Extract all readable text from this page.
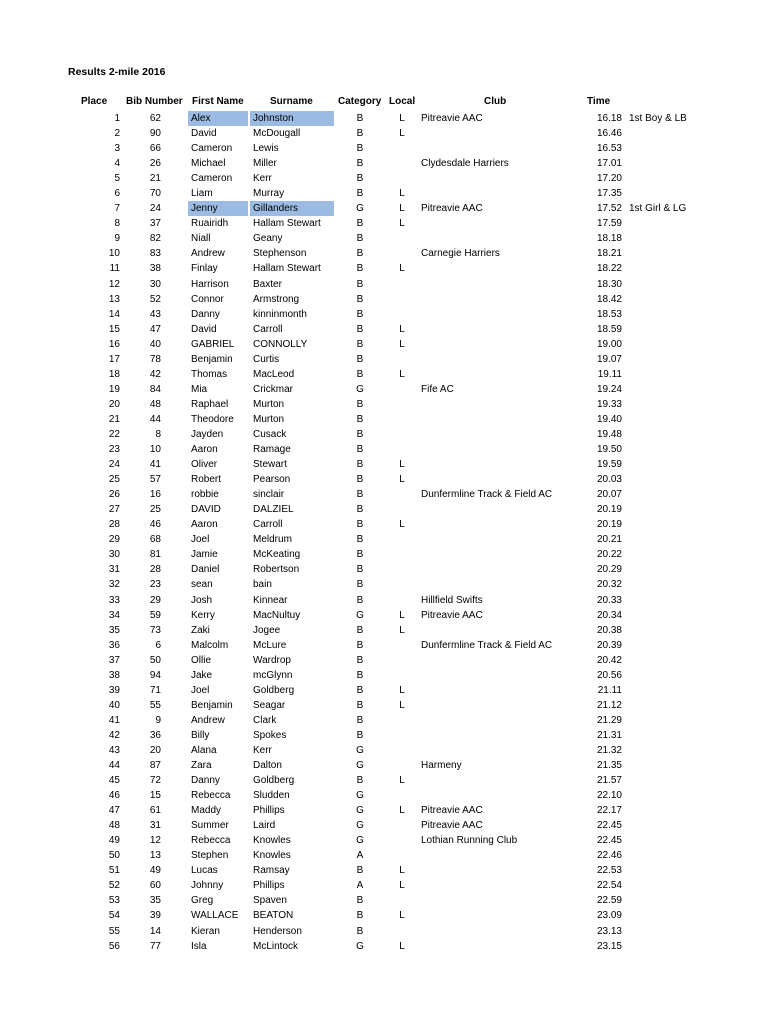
Results 2-mile 2016
Place Bib Number First Name	Surname	Category Local	Club	Time
1	62	Alex	Johnston	B	L	Pitreavie AAC	16.18 1st Boy & LB
2	90	David	McDougall	B	L	16.46
3	66	Cameron	Lewis	B	16.53
4	26	Michael	Miller	B	Clydesdale Harriers	17.01
5	21	Cameron	Kerr	B	17.20
6	70	Liam	Murray	B	L	17.35
7	24	Jenny	Gillanders	G	L	Pitreavie AAC	17.52 1st Girl & LG
8	37	Ruairidh	Hallam Stewart	B	L	17.59
9	82	Niall	Geany	B	18.18
10	83	Andrew	Stephenson	B	Carnegie Harriers	18.21
11	38	Finlay	Hallam Stewart	B	L	18.22
12	30	Harrison	Baxter	B	18.30
13	52	Connor	Armstrong	B	18.42
14	43	Danny	kinninmonth	B	18.53
15	47	David	Carroll	B	L	18.59
16	40	GABRIEL	CONNOLLY	B	L	19.00
17	78	Benjamin	Curtis	B	19.07
18	42	Thomas	MacLeod	B	L	19.11
19	84	Mia	Crickmar	G	Fife AC	19.24
20	48	Raphael	Murton	B	19.33
21	44	Theodore	Murton	B	19.40
22	8	Jayden	Cusack	B	19.48
23	10	Aaron	Ramage	B	19.50
24	41	Oliver	Stewart	B	L	19.59
25	57	Robert	Pearson	B	L	20.03
26	16	robbie	sinclair	B	Dunfermline Track & Field AC	20.07
27	25	DAVID	DALZIEL	B	20.19
28	46	Aaron	Carroll	B	L	20.19
29	68	Joel	Meldrum	B	20.21
30	81	Jamie	McKeating	B	20.22
31	28	Daniel	Robertson	B	20.29
32	23	sean	bain	B	20.32
33	29	Josh	Kinnear	B	Hillfield Swifts	20.33
34	59	Kerry	MacNultuy	G	L	Pitreavie AAC	20.34
35	73	Zaki	Jogee	B	L	20.38
36	6	Malcolm	McLure	B	Dunfermline Track & Field AC	20.39
37	50	Ollie	Wardrop	B	20.42
38	94	Jake	mcGlynn	B	20.56
39	71	Joel	Goldberg	B	L	21.11
40	55	Benjamin	Seagar	B	L	21.12
41	9	Andrew	Clark	B	21.29
42	36	Billy	Spokes	B	21.31
43	20	Alana	Kerr	G	21.32
44	87	Zara	Dalton	G	Harmeny	21.35
45	72	Danny	Goldberg	B	L	21.57
46	15	Rebecca	Sludden	G	22.10
47	61	Maddy	Phillips	G	L	Pitreavie AAC	22.17
48	31	Summer	Laird	G	Pitreavie AAC	22.45
49	12	Rebecca	Knowles	G	Lothian Running Club	22.45
50	13	Stephen	Knowles	A	22.46
51	49	Lucas	Ramsay	B	L	22.53
52	60	Johnny	Phillips	A	L	22.54
53	35	Greg	Spaven	B	22.59
54	39	WALLACE	BEATON	B	L	23.09
55	14	Kieran	Henderson	B	23.13
56	77	Isla	McLintock	G	L	23.15
